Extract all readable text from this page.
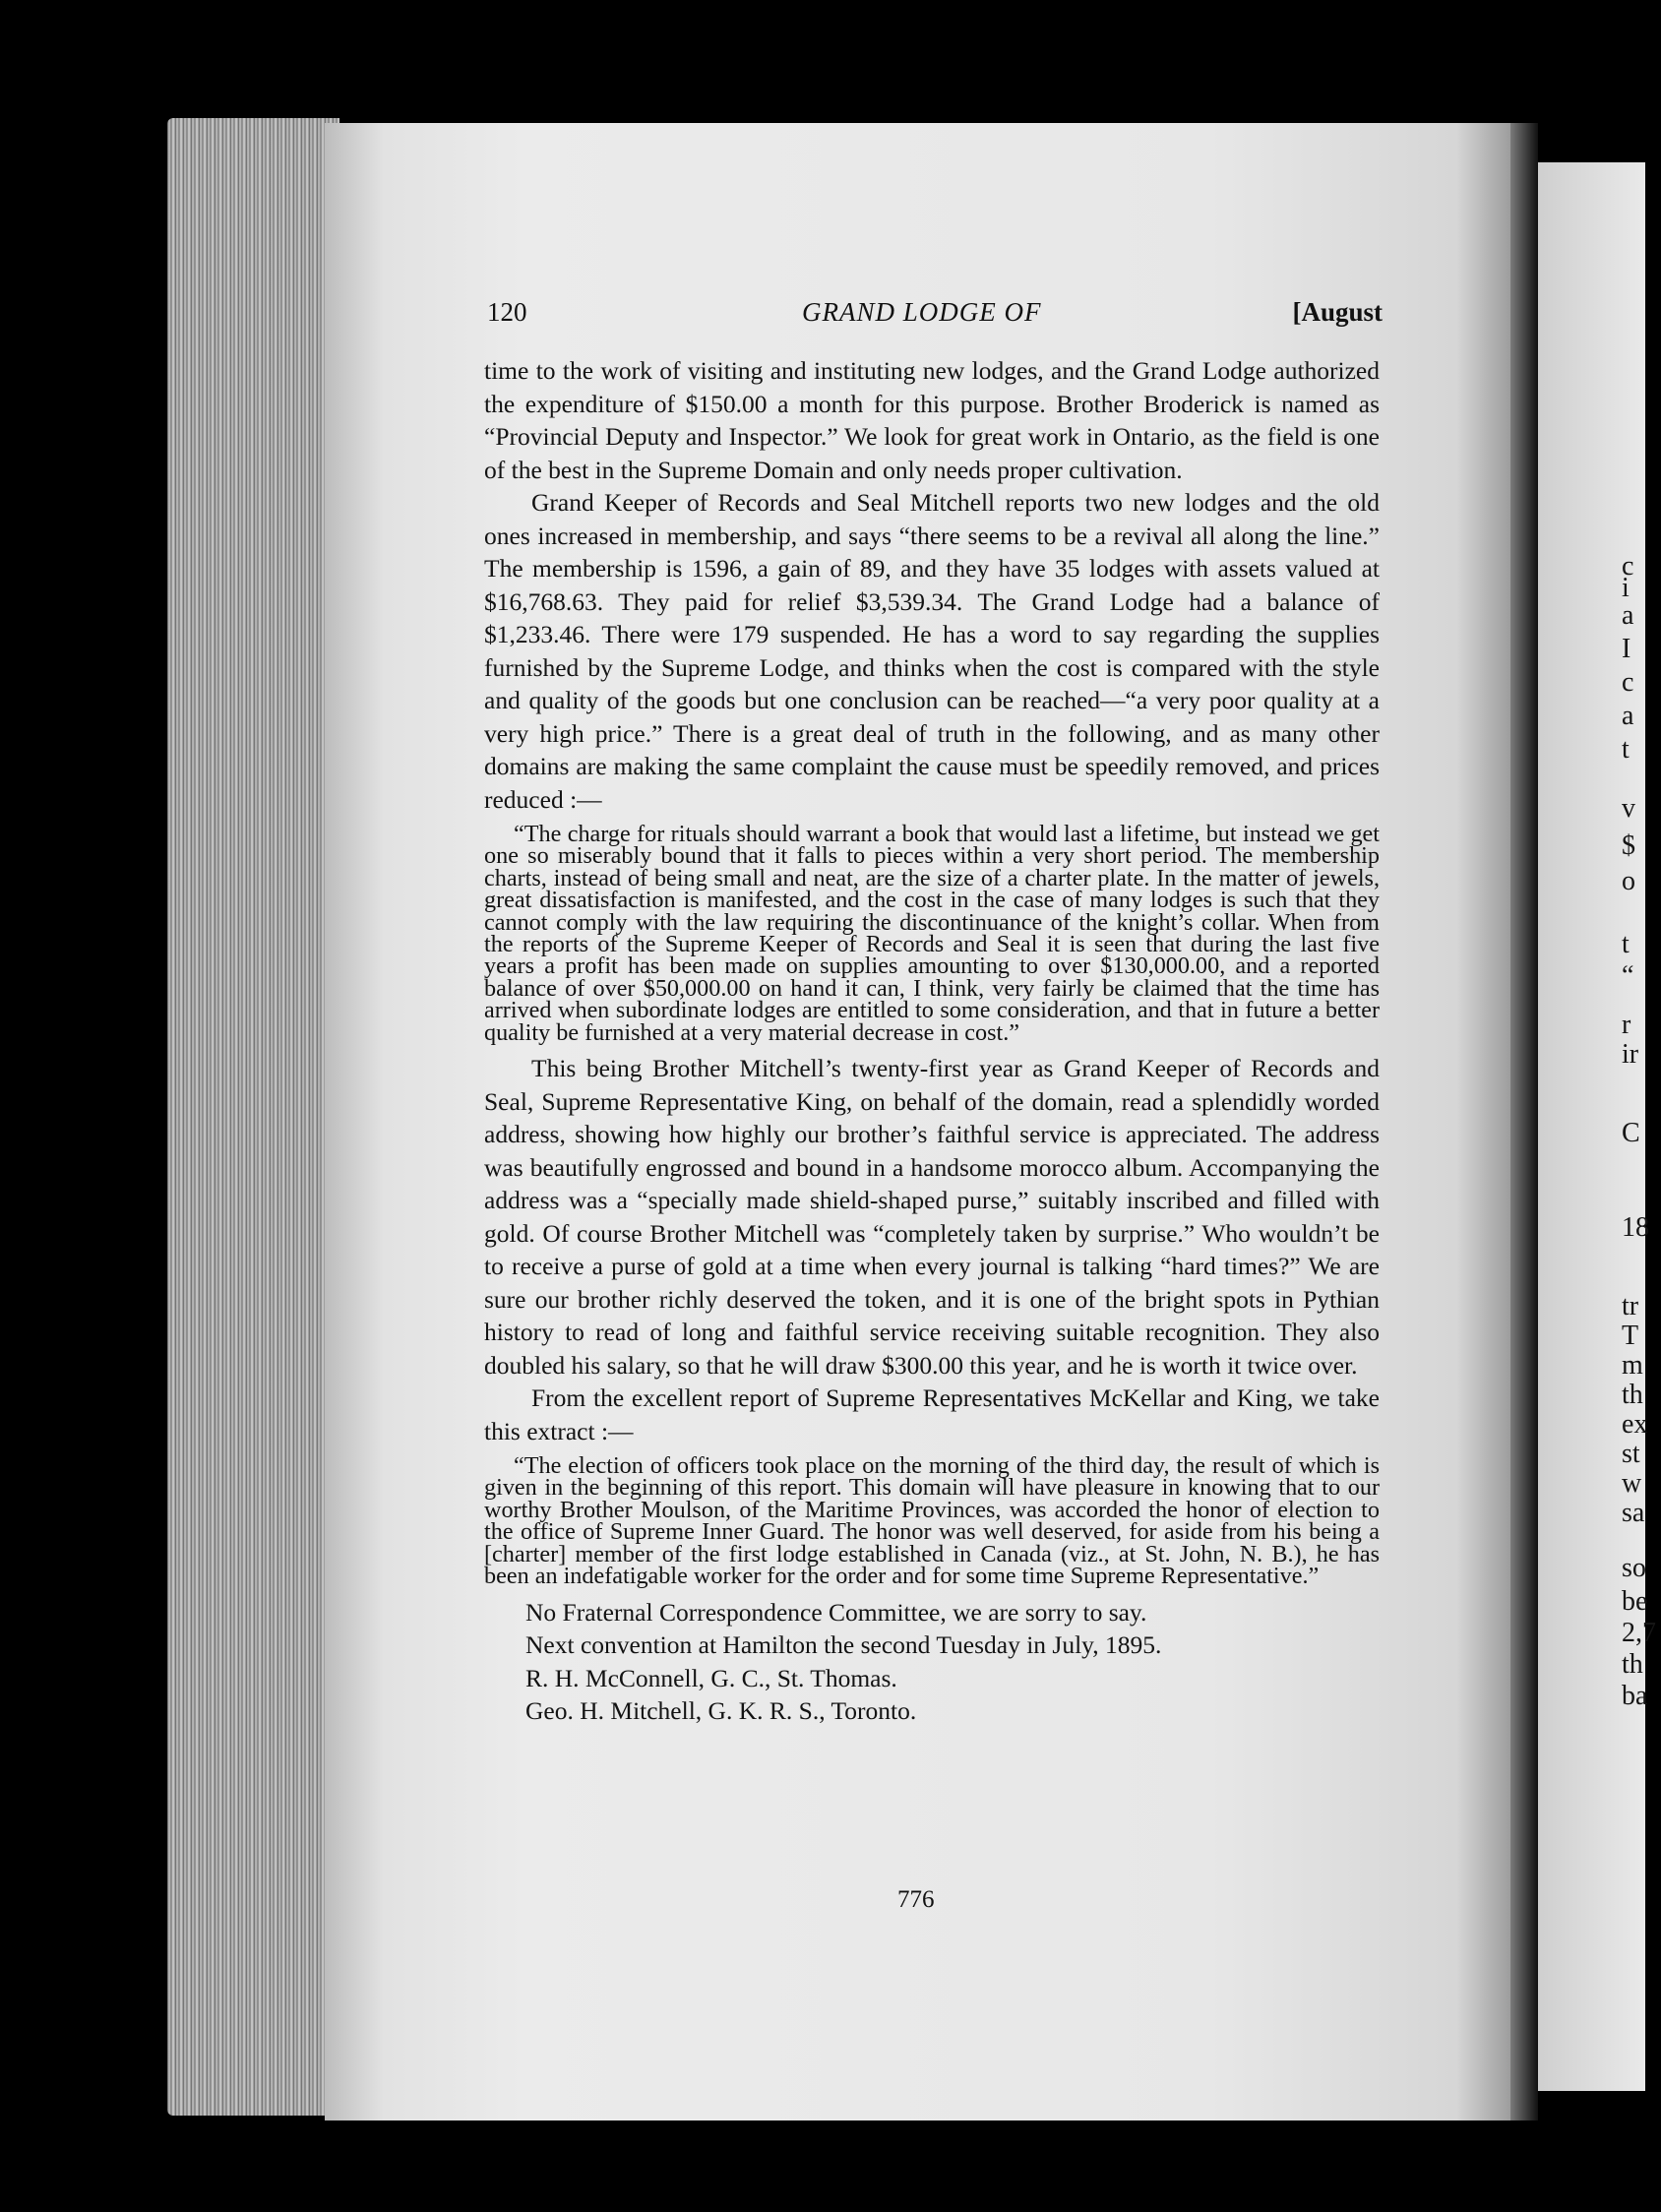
c
i
a
I
c
a
t
v
$
o
t
“
r
ir
C
18
tr
T
m
th
ex
st
w
sa
so
be
2,7
th
ba
120	GRAND LODGE OF	[August

time to the work of visiting and instituting new lodges, and the Grand Lodge authorized the expenditure of $150.00 a month for this purpose. Brother Broderick is named as “Provincial Deputy and Inspector.” We look for great work in Ontario, as the field is one of the best in the Supreme Domain and only needs proper cultivation.

Grand Keeper of Records and Seal Mitchell reports two new lodges and the old ones increased in membership, and says “there seems to be a revival all along the line.” The membership is 1596, a gain of 89, and they have 35 lodges with assets valued at $16,768.63. They paid for relief $3,539.34. The Grand Lodge had a balance of $1,233.46. There were 179 suspended. He has a word to say regarding the supplies furnished by the Supreme Lodge, and thinks when the cost is compared with the style and quality of the goods but one conclusion can be reached—“a very poor quality at a very high price.” There is a great deal of truth in the following, and as many other domains are making the same complaint the cause must be speedily removed, and prices reduced :—

“The charge for rituals should warrant a book that would last a lifetime, but instead we get one so miserably bound that it falls to pieces within a very short period. The membership charts, instead of being small and neat, are the size of a charter plate. In the matter of jewels, great dissatisfaction is manifested, and the cost in the case of many lodges is such that they cannot comply with the law requiring the discontinuance of the knight’s collar. When from the reports of the Supreme Keeper of Records and Seal it is seen that during the last five years a profit has been made on supplies amounting to over $130,000.00, and a reported balance of over $50,000.00 on hand it can, I think, very fairly be claimed that the time has arrived when subordinate lodges are entitled to some consideration, and that in future a better quality be furnished at a very material decrease in cost.”

This being Brother Mitchell’s twenty-first year as Grand Keeper of Records and Seal, Supreme Representative King, on behalf of the domain, read a splendidly worded address, showing how highly our brother’s faithful service is appreciated. The address was beautifully engrossed and bound in a handsome morocco album. Accompanying the address was a “specially made shield-shaped purse,” suitably inscribed and filled with gold. Of course Brother Mitchell was “completely taken by surprise.” Who wouldn’t be to receive a purse of gold at a time when every journal is talking “hard times?” We are sure our brother richly deserved the token, and it is one of the bright spots in Pythian history to read of long and faithful service receiving suitable recognition. They also doubled his salary, so that he will draw $300.00 this year, and he is worth it twice over.

From the excellent report of Supreme Representatives McKellar and King, we take this extract :—

“The election of officers took place on the morning of the third day, the result of which is given in the beginning of this report. This domain will have pleasure in knowing that to our worthy Brother Moulson, of the Maritime Provinces, was accorded the honor of election to the office of Supreme Inner Guard. The honor was well deserved, for aside from his being a [charter] member of the first lodge established in Canada (viz., at St. John, N. B.), he has been an indefatigable worker for the order and for some time Supreme Representative.”

No Fraternal Correspondence Committee, we are sorry to say.

Next convention at Hamilton the second Tuesday in July, 1895.

R. H. McConnell, G. C., St. Thomas.

Geo. H. Mitchell, G. K. R. S., Toronto.

776
